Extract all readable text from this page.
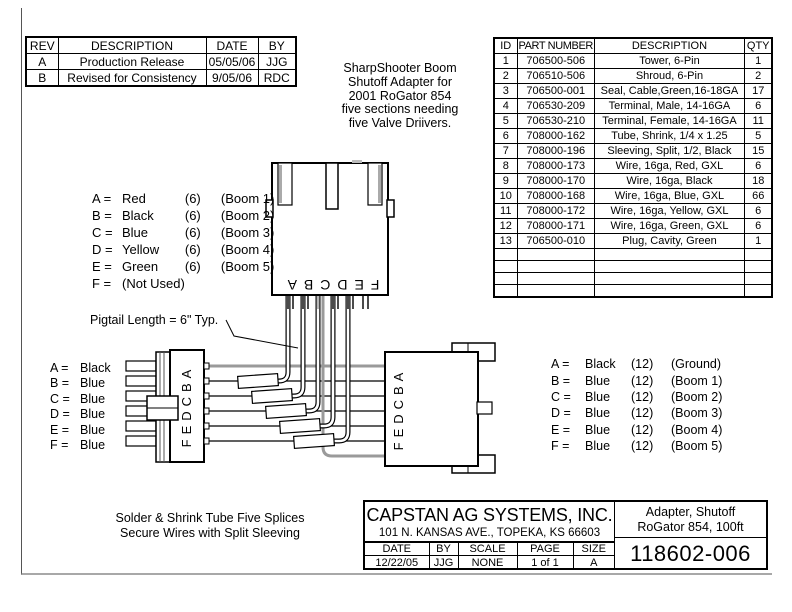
FEDCBA
FEDCBA	FEDCBA
REV	DESCRIPTION	DATE	BY
A	Production Release	05/05/06	JJG
B	Revised for Consistency	9/05/06	RDC
SharpShooter Boom
Shutoff Adapter for
2001 RoGator 854
five sections needing
five Valve Driivers.
ID	PART NUMBER	DESCRIPTION	QTY
1	706500-506	Tower, 6-Pin	1
2	706510-506	Shroud, 6-Pin	2
3	706500-001	Seal, Cable,Green,16-18GA	17
4	706530-209	Terminal, Male, 14-16GA	6
5	706530-210	Terminal, Female, 14-16GA	11
6	708000-162	Tube, Shrink, 1/4 x 1.25	5
7	708000-196	Sleeving, Split, 1/2, Black	15
8	708000-173	Wire, 16ga, Red, GXL	6
9	708000-170	Wire, 16ga, Black	18
10	708000-168	Wire, 16ga, Blue, GXL	66
11	708000-172	Wire, 16ga, Yellow, GXL	6
12	708000-171	Wire, 16ga, Green, GXL	6
13	706500-010	Plug, Cavity, Green	1

A =	Red	(6)	(Boom 1)
B =	Black	(6)	(Boom 2)
C =	Blue	(6)	(Boom 3)
D =	Yellow	(6)	(Boom 4)
E =	Green	(6)	(Boom 5)
F =	(Not Used)		
Pigtail Length = 6" Typ.
A =	Black
B =	Blue
C =	Blue
D =	Blue
E =	Blue
F =	Blue
A =	Black	(12)	(Ground)
B =	Blue	(12)	(Boom 1)
C =	Blue	(12)	(Boom 2)
D =	Blue	(12)	(Boom 3)
E =	Blue	(12)	(Boom 4)
F =	Blue	(12)	(Boom 5)
Solder & Shrink Tube Five Splices
Secure Wires with Split Sleeving
CAPSTAN AG SYSTEMS, INC.
101 N. KANSAS AVE., TOPEKA, KS 66603
DATE	BY	SCALE	PAGE	SIZE
12/22/05	JJG	NONE	1 of 1	A
Adapter, Shutoff
RoGator 854, 100ft
118602-006
